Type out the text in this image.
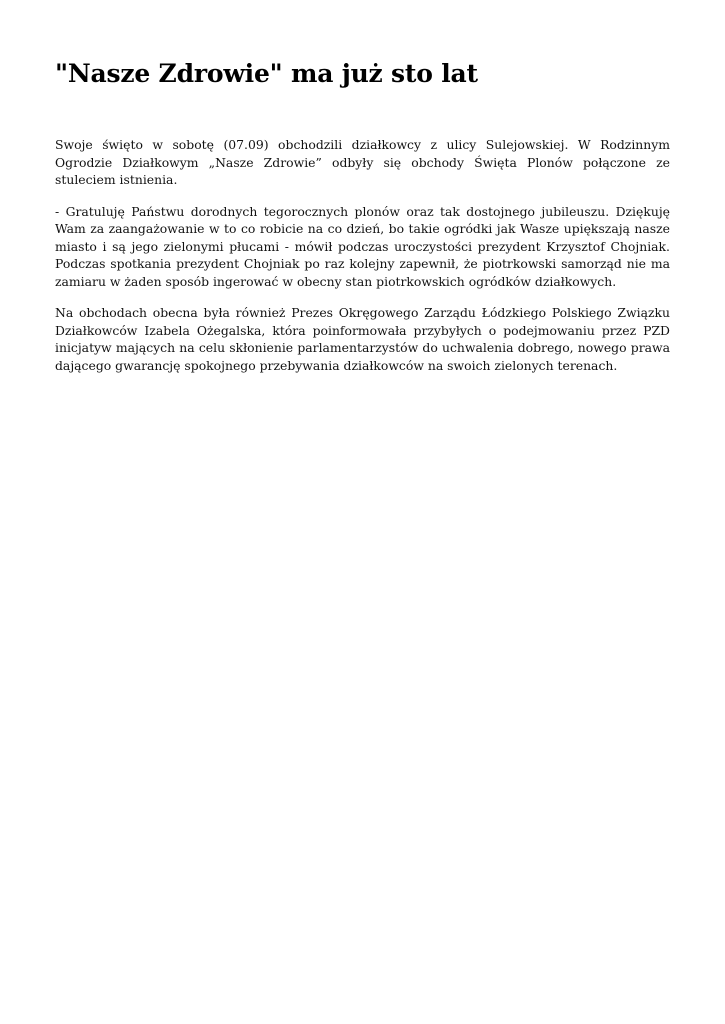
"Nasze Zdrowie" ma już sto lat

Swoje święto w sobotę (07.09) obchodzili działkowcy z ulicy Sulejowskiej. W Rodzinnym Ogrodzie Działkowym „Nasze Zdrowie” odbyły się obchody Święta Plonów połączone ze stuleciem istnienia.

- Gratuluję Państwu dorodnych tegorocznych plonów oraz tak dostojnego jubileuszu. Dziękuję Wam za zaangażowanie w to co robicie na co dzień, bo takie ogródki jak Wasze upiększają nasze miasto i są jego zielonymi płucami - mówił podczas uroczystości prezydent Krzysztof Chojniak. Podczas spotkania prezydent Chojniak po raz kolejny zapewnił, że piotrkowski samorząd nie ma zamiaru w żaden sposób ingerować w obecny stan piotrkowskich ogródków działkowych.

Na obchodach obecna była również Prezes Okręgowego Zarządu Łódzkiego Polskiego Związku Działkowców Izabela Ożegalska, która poinformowała przybyłych o podejmowaniu przez PZD inicjatyw mających na celu skłonienie parlamentarzystów do uchwalenia dobrego, nowego prawa dającego gwarancję spokojnego przebywania działkowców na swoich zielonych terenach.
